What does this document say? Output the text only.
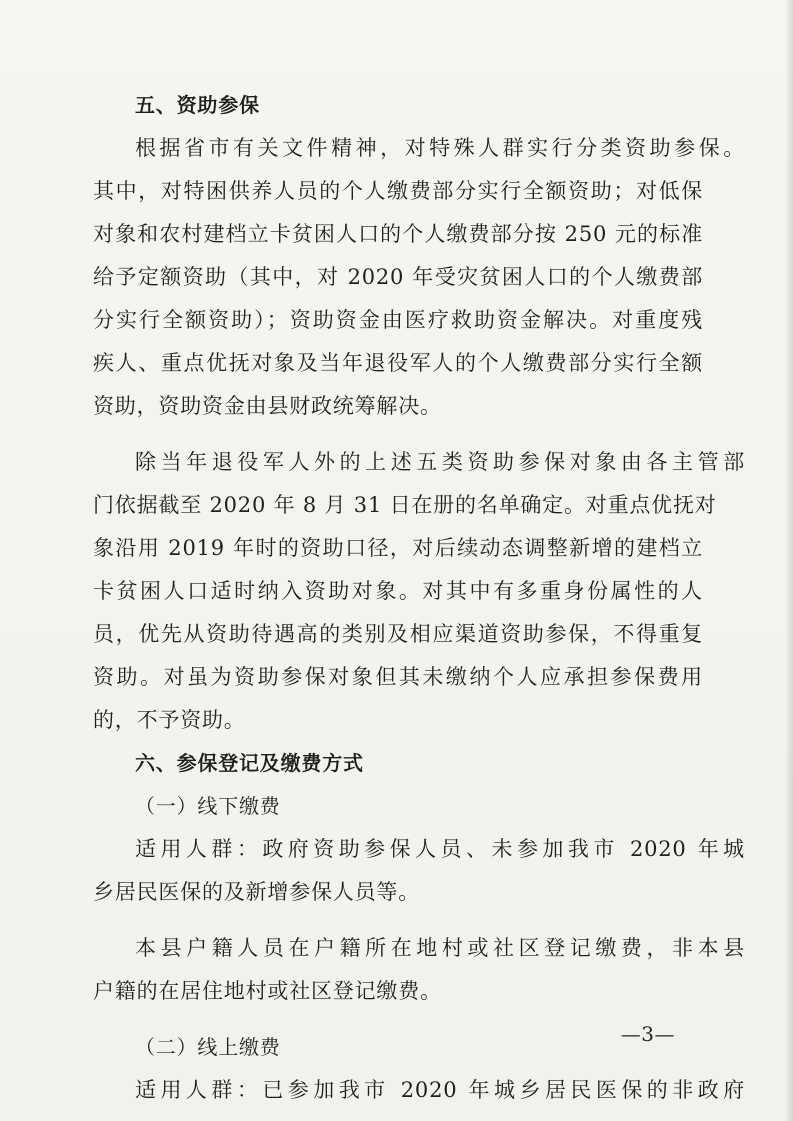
五、资助参保
根据省市有关文件精神，对特殊人群实行分类资助参保。
其中，对特困供养人员的个人缴费部分实行全额资助；对低保
对象和农村建档立卡贫困人口的个人缴费部分按 250 元的标准
给予定额资助（其中，对 2020 年受灾贫困人口的个人缴费部
分实行全额资助）；资助资金由医疗救助资金解决。对重度残
疾人、重点优抚对象及当年退役军人的个人缴费部分实行全额
资助，资助资金由县财政统筹解决。
除当年退役军人外的上述五类资助参保对象由各主管部
门依据截至 2020 年 8 月 31 日在册的名单确定。对重点优抚对
象沿用 2019 年时的资助口径，对后续动态调整新增的建档立
卡贫困人口适时纳入资助对象。对其中有多重身份属性的人
员，优先从资助待遇高的类别及相应渠道资助参保，不得重复
资助。对虽为资助参保对象但其未缴纳个人应承担参保费用
的，不予资助。
六、参保登记及缴费方式
（一）线下缴费
适用人群：政府资助参保人员、未参加我市 2020 年城
乡居民医保的及新增参保人员等。
本县户籍人员在户籍所在地村或社区登记缴费，非本县
户籍的在居住地村或社区登记缴费。
（二）线上缴费
适用人群：已参加我市 2020 年城乡居民医保的非政府
—3—
